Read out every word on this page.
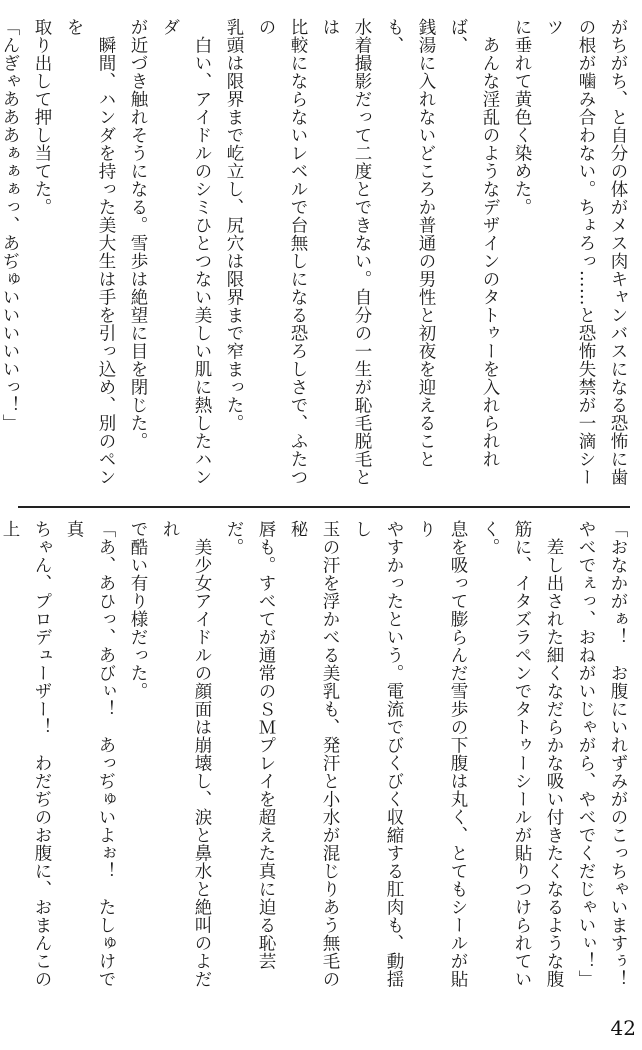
がちがち、と自分の体がメス肉キャンバスになる恐怖に歯

の根が噛み合わない。ちょろっ……と恐怖失禁が一滴シーツ

に垂れて黄色く染めた。

　あんな淫乱のようなデザインのタトゥーを入れられれば、

銭湯に入れないどころか普通の男性と初夜を迎えることも、

水着撮影だって二度とできない。自分の一生が恥毛脱毛とは

比較にならないレベルで台無しになる恐ろしさで、ふたつの

乳頭は限界まで屹立し、尻穴は限界まで窄まった。

　白い、アイドルのシミひとつない美しい肌に熱したハンダ

が近づき触れそうになる。雪歩は絶望に目を閉じた。

　瞬間、ハンダを持った美大生は手を引っ込め、別のペンを

取り出して押し当てた。

「んぎゃあああぁぁぁっ、あぢゅいいいいいっ！」

「おなかがぁ！　お腹にいれずみがのこっちゃいますぅ！

やべでぇっ、おねがいじゃがら、やべでくだじゃいぃ！」

　差し出された細くなだらかな吸い付きたくなるような腹

筋に、イタズラペンでタトゥーシールが貼りつけられていく。

息を吸って膨らんだ雪歩の下腹は丸く、とてもシールが貼り

やすかったという。電流でびくびく収縮する肛肉も、動揺し

玉の汗を浮かべる美乳も、発汗と小水が混じりあう無毛の秘

唇も。すべてが通常のＳＭプレイを超えた真に迫る恥芸だ。

　美少女アイドルの顔面は崩壊し、涙と鼻水と絶叫のよだれ

で酷い有り様だった。

「あ、あひっ、あびぃ！　あっぢゅいよぉ！　たしゅけで真

ちゃん、プロデューザー！　わだぢのお腹に、おまんこの上

42
